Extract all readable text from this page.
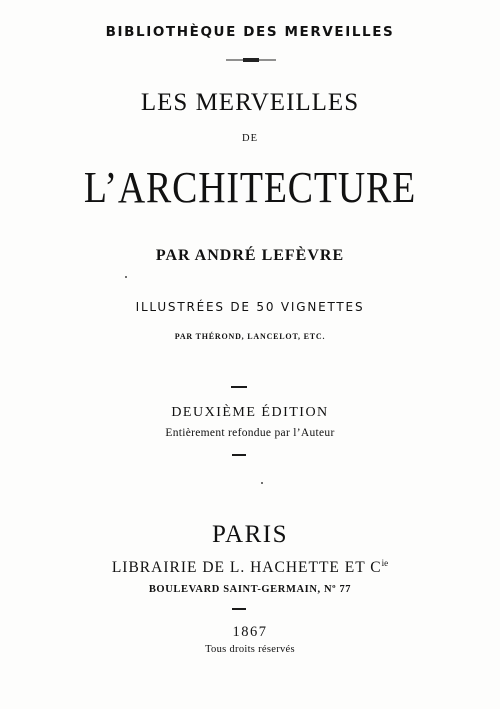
BIBLIOTHÈQUE DES MERVEILLES
LES MERVEILLES
DE
L’ARCHITECTURE
PAR ANDRÉ LEFÈVRE
ILLUSTRÉES DE 50 VIGNETTES
PAR THÉROND, LANCELOT, ETC.
DEUXIÈME ÉDITION
Entièrement refondue par l’Auteur
PARIS
LIBRAIRIE DE L. HACHETTE ET $C^{ie}$
BOULEVARD SAINT-GERMAIN, Nº 77
1867
Tous droits réservés
